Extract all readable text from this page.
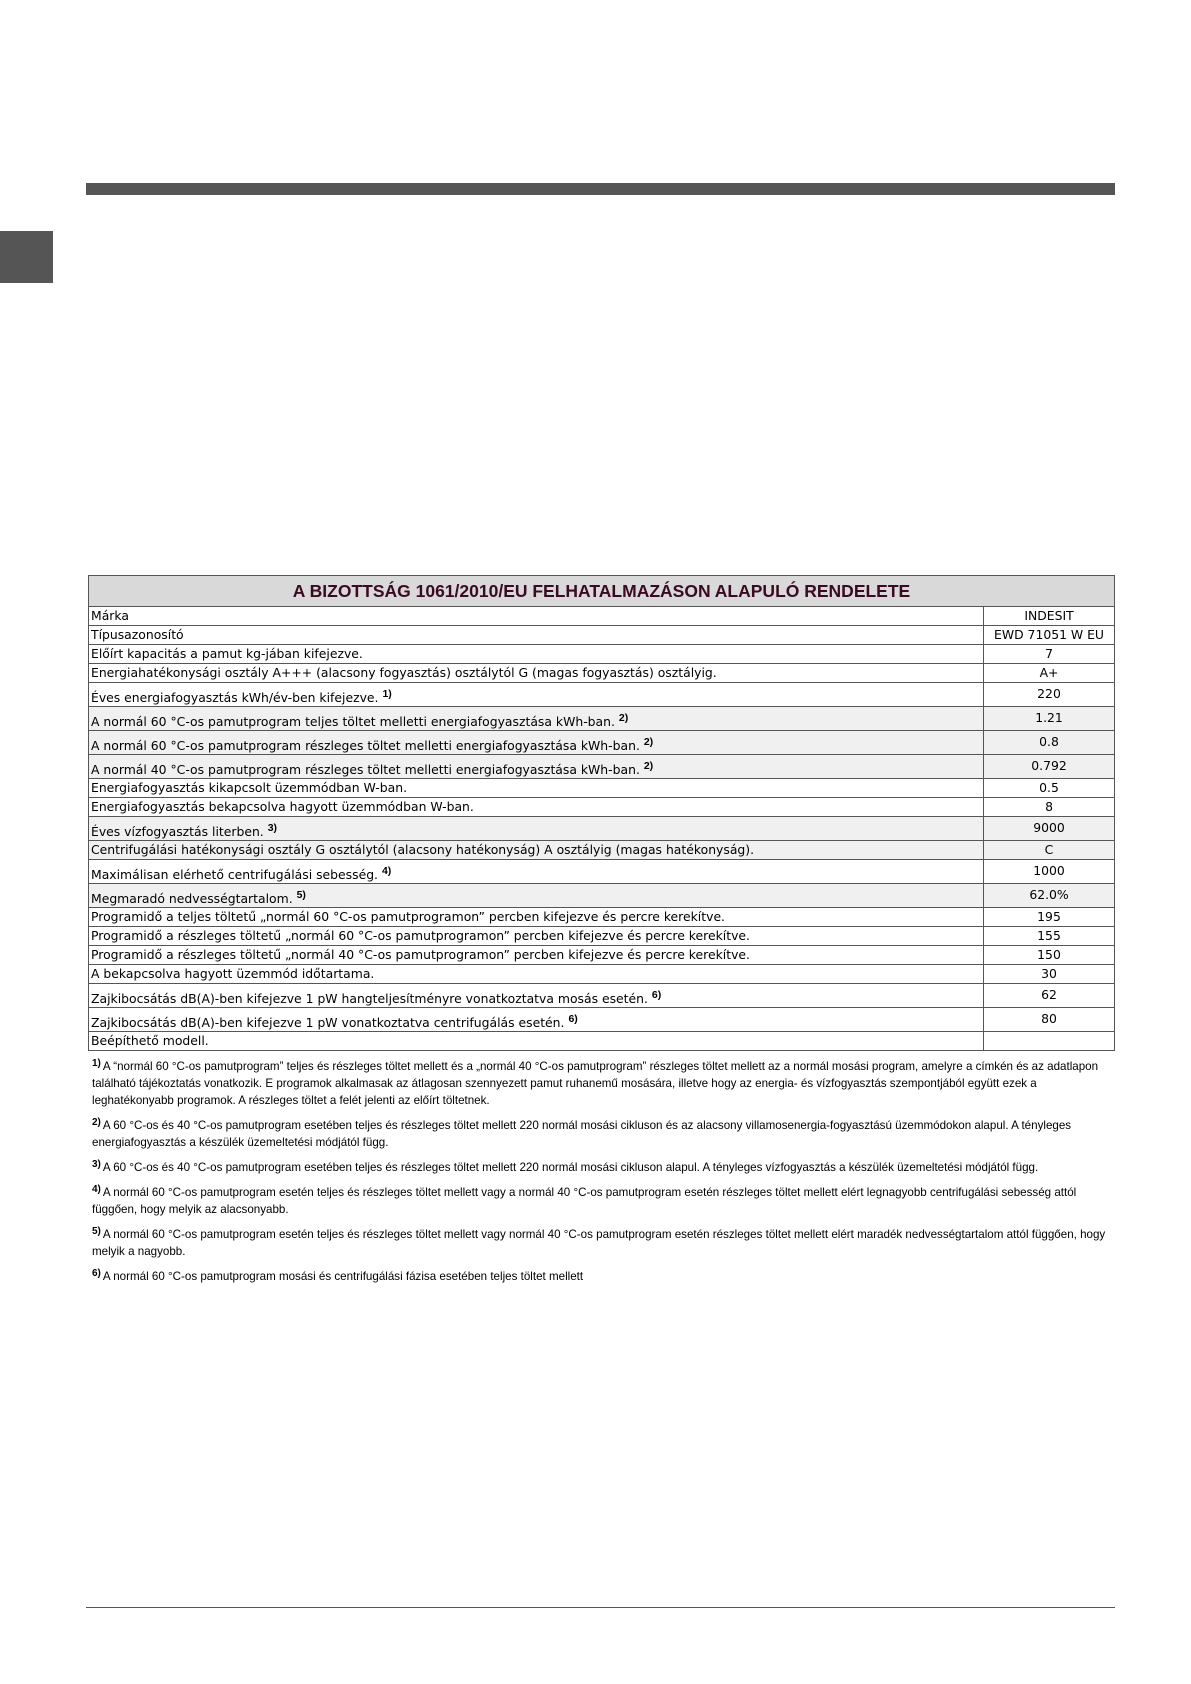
A BIZOTTSÁG 1061/2010/EU FELHATALMAZÁSON ALAPULÓ RENDELETE	
Márka	INDESIT
Típusazonosító	EWD 71051 W EU
Előírt kapacitás a pamut kg-jában kifejezve.	7
Energiahatékonysági osztály A+++ (alacsony fogyasztás) osztálytól G (magas fogyasztás) osztályig.	A+
Éves energiafogyasztás kWh/év-ben kifejezve. $^{1)}$	220
A normál 60 °C-os pamutprogram teljes töltet melletti energiafogyasztása kWh-ban. $^{2)}$	1.21
A normál 60 °C-os pamutprogram részleges töltet melletti energiafogyasztása kWh-ban. $^{2)}$	0.8
A normál 40 °C-os pamutprogram részleges töltet melletti energiafogyasztása kWh-ban. $^{2)}$	0.792
Energiafogyasztás kikapcsolt üzemmódban W-ban.	0.5
Energiafogyasztás bekapcsolva hagyott üzemmódban W-ban.	8
Éves vízfogyasztás literben. $^{3)}$	9000
Centrifugálási hatékonysági osztály G osztálytól (alacsony hatékonyság) A osztályig (magas hatékonyság).	C
Maximálisan elérhető centrifugálási sebesség. $^{4)}$	1000
Megmaradó nedvességtartalom. $^{5)}$	62.0%
Programidő a teljes töltetű „normál 60 °C-os pamutprogramon” percben kifejezve és percre kerekítve.	195
Programidő a részleges töltetű „normál 60 °C-os pamutprogramon” percben kifejezve és percre kerekítve.	155
Programidő a részleges töltetű „normál 40 °C-os pamutprogramon” percben kifejezve és percre kerekítve.	150
A bekapcsolva hagyott üzemmód időtartama.	30
Zajkibocsátás dB(A)-ben kifejezve 1 pW hangteljesítményre vonatkoztatva mosás esetén. $^{6)}$	62
Zajkibocsátás dB(A)-ben kifejezve 1 pW vonatkoztatva centrifugálás esetén. $^{6)}$	80
Beépíthető modell.	

$^{1)}$ A “normál 60 °C-os pamutprogram” teljes és részleges töltet mellett és a „normál 40 °C-os pamutprogram” részleges töltet mellett az a normál mosási program, amelyre a címkén és az adatlapon található tájékoztatás vonatkozik. E programok alkalmasak az átlagosan szennyezett pamut ruhanemű mosására, illetve hogy az energia- és vízfogyasztás szempontjából együtt ezek a leghatékonyabb programok. A részleges töltet a felét jelenti az előírt töltetnek.

$^{2)}$ A 60 °C-os és 40 °C-os pamutprogram esetében teljes és részleges töltet mellett 220 normál mosási cikluson és az alacsony villamosenergia-fogyasztású üzemmódokon alapul. A tényleges energiafogyasztás a készülék üzemeltetési módjától függ.

$^{3)}$ A 60 °C-os és 40 °C-os pamutprogram esetében teljes és részleges töltet mellett 220 normál mosási cikluson alapul. A tényleges vízfogyasztás a készülék üzemeltetési módjától függ.

$^{4)}$ A normál 60 °C-os pamutprogram esetén teljes és részleges töltet mellett vagy a normál 40 °C-os pamutprogram esetén részleges töltet mellett elért legnagyobb centrifugálási sebesség attól függően, hogy melyik az alacsonyabb.

$^{5)}$ A normál 60 °C-os pamutprogram esetén teljes és részleges töltet mellett vagy normál 40 °C-os pamutprogram esetén részleges töltet mellett elért maradék nedvességtartalom attól függően, hogy melyik a nagyobb.

$^{6)}$ A normál 60 °C-os pamutprogram mosási és centrifugálási fázisa esetében teljes töltet mellett
